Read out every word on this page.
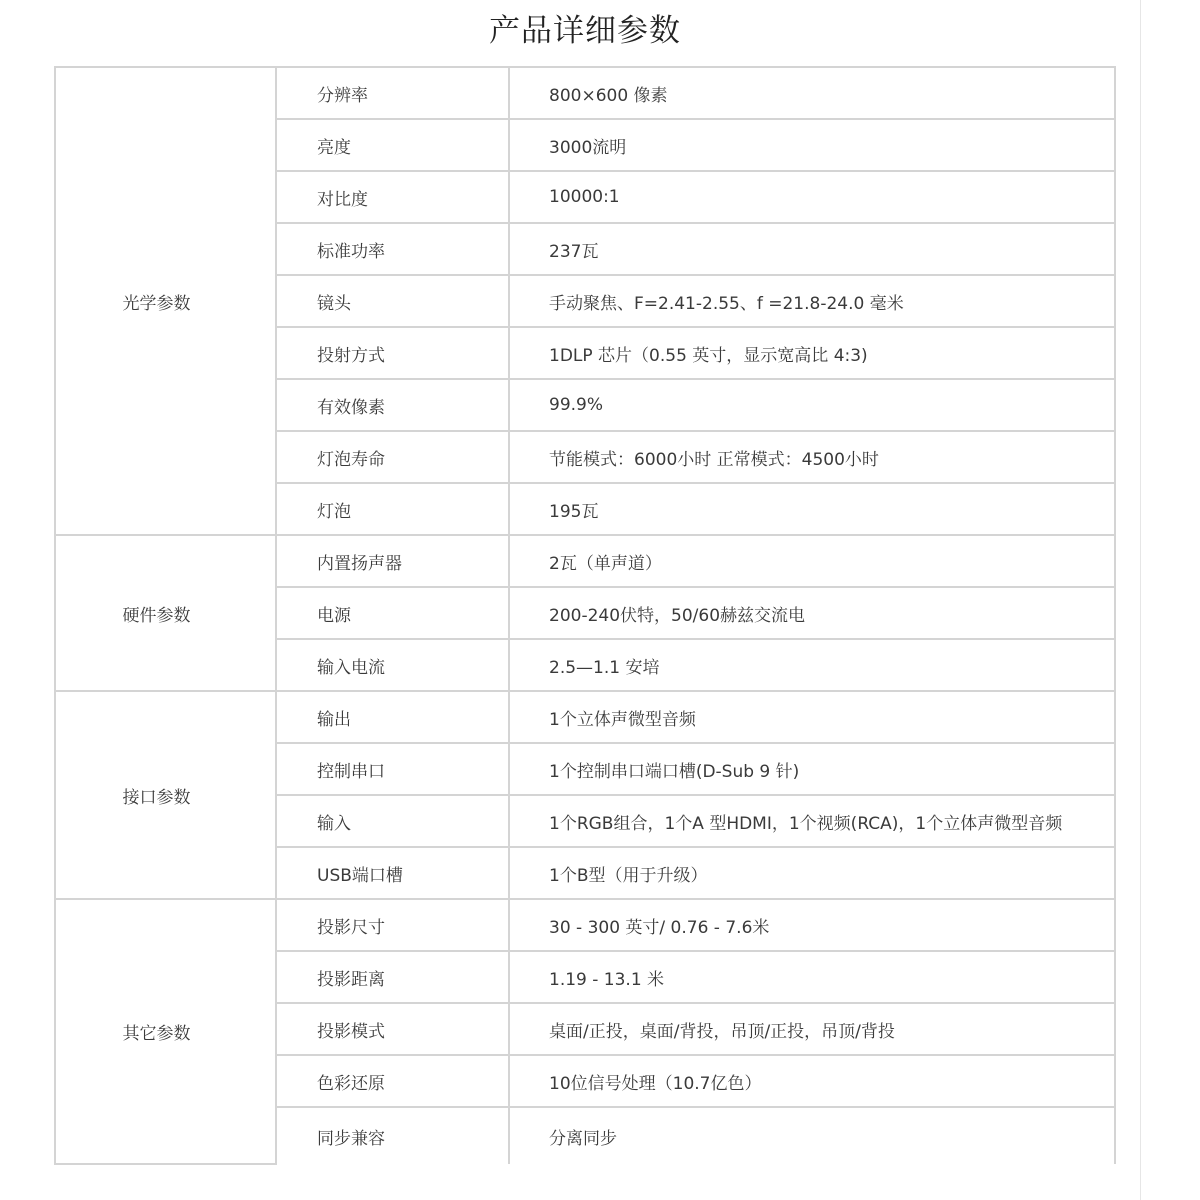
产品详细参数
光学参数	分辨率	800×600 像素
	亮度	3000流明
	对比度	10000:1
	标准功率	237瓦
	镜头	手动聚焦、F=2.41-2.55、f =21.8-24.0 毫米
	投射方式	1DLP 芯片（0.55 英寸，显示宽高比 4:3)
	有效像素	99.9%
	灯泡寿命	节能模式：6000小时 正常模式：4500小时
	灯泡	195瓦
硬件参数	内置扬声器	2瓦（单声道）
	电源	200-240伏特，50/60赫兹交流电
	输入电流	2.5—1.1 安培
接口参数	输出	1个立体声微型音频
	控制串口	1个控制串口端口槽(D-Sub 9 针)
	输入	1个RGB组合，1个A 型HDMI，1个视频(RCA)，1个立体声微型音频
	USB端口槽	1个B型（用于升级）
其它参数	投影尺寸	30 - 300 英寸/ 0.76 - 7.6米
	投影距离	1.19 - 13.1 米
	投影模式	桌面/正投，桌面/背投，吊顶/正投，吊顶/背投
	色彩还原	10位信号处理（10.7亿色）
	同步兼容	分离同步
